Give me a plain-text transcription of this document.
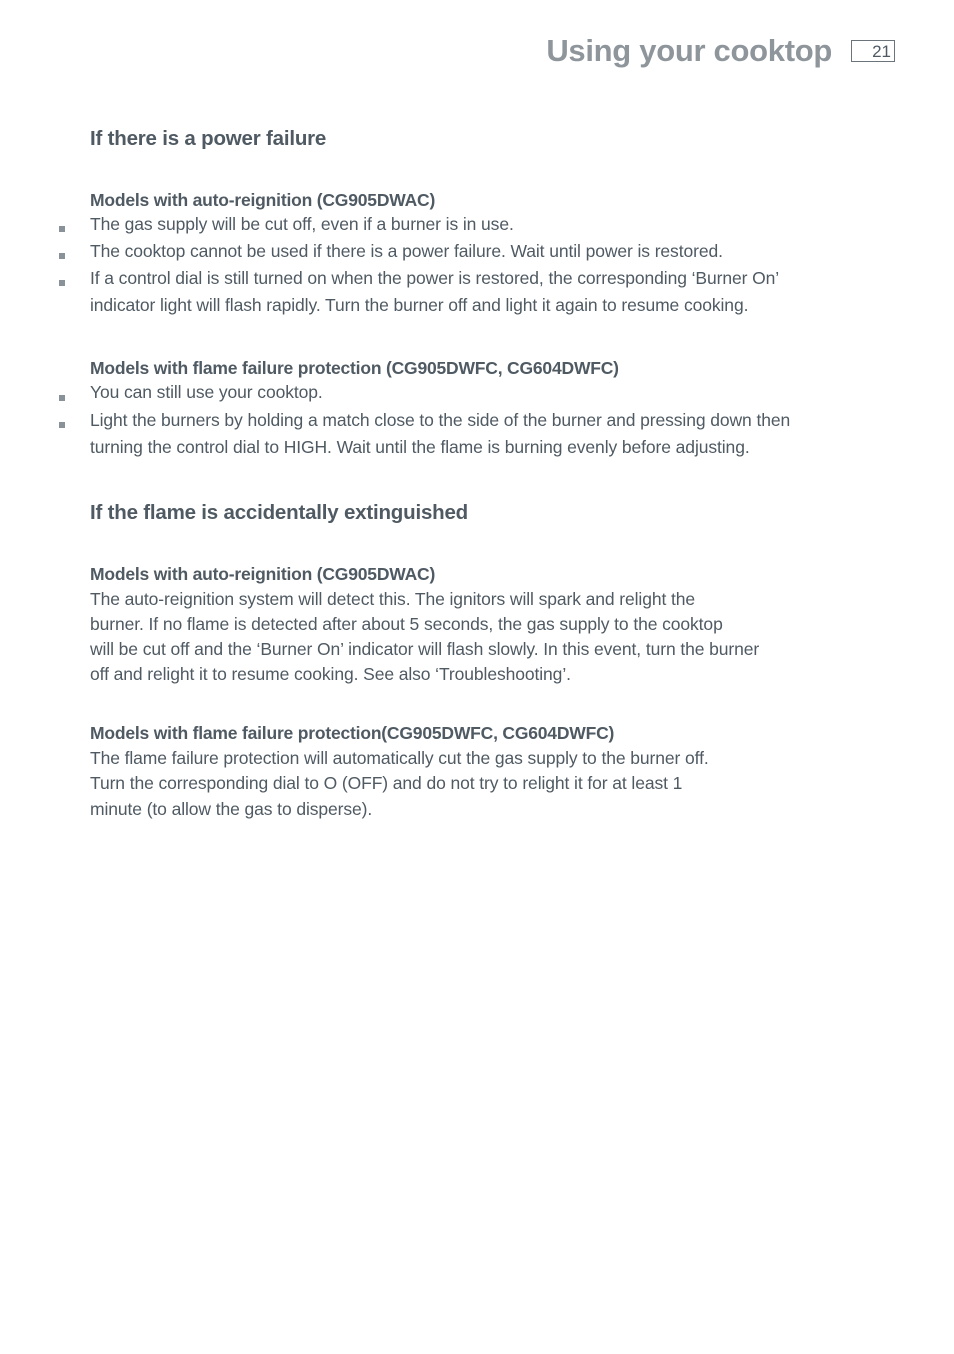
Using your cooktop	21
If there is a power failure
Models with auto-reignition (CG905DWAC)
The gas supply will be cut off, even if a burner is in use.
The cooktop cannot be used if there is a power failure. Wait until power is restored.
If a control dial is still turned on when the power is restored, the corresponding ‘Burner On’
indicator light will flash rapidly. Turn the burner off and light it again to resume cooking.
Models with flame failure protection (CG905DWFC, CG604DWFC)
You can still use your cooktop.
Light the burners by holding a match close to the side of the burner and pressing down then
turning the control dial to HIGH. Wait until the flame is burning evenly before adjusting.
If the flame is accidentally extinguished
Models with auto-reignition (CG905DWAC)
The auto-reignition system will detect this. The ignitors will spark and relight the
burner. If no flame is detected after about 5 seconds, the gas supply to the cooktop
will be cut off and the ‘Burner On’ indicator will flash slowly. In this event, turn the burner
off and relight it to resume cooking. See also ‘Troubleshooting’.
Models with flame failure protection(CG905DWFC, CG604DWFC)
The flame failure protection will automatically cut the gas supply to the burner off.
Turn the corresponding dial to O (OFF) and do not try to relight it for at least 1
minute (to allow the gas to disperse).
